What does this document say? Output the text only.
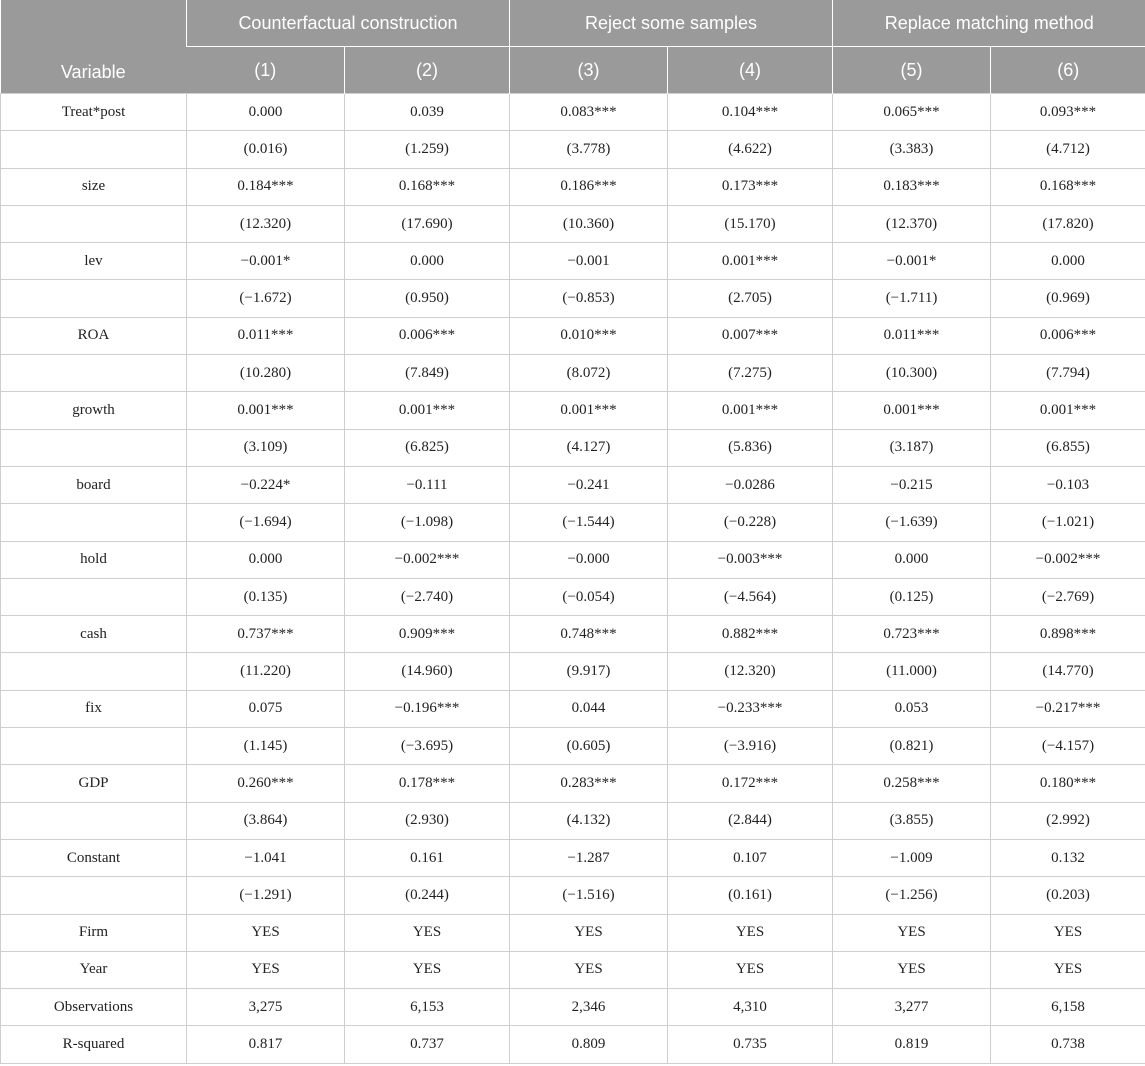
Variable	Counterfactual construction		Reject some samples		Replace matching method	
	(1)	(2)	(3)	(4)	(5)	(6)
Treat*post	0.000	0.039	0.083***	0.104***	0.065***	0.093***
	(0.016)	(1.259)	(3.778)	(4.622)	(3.383)	(4.712)
size	0.184***	0.168***	0.186***	0.173***	0.183***	0.168***
	(12.320)	(17.690)	(10.360)	(15.170)	(12.370)	(17.820)
lev	−0.001*	0.000	−0.001	0.001***	−0.001*	0.000
	(−1.672)	(0.950)	(−0.853)	(2.705)	(−1.711)	(0.969)
ROA	0.011***	0.006***	0.010***	0.007***	0.011***	0.006***
	(10.280)	(7.849)	(8.072)	(7.275)	(10.300)	(7.794)
growth	0.001***	0.001***	0.001***	0.001***	0.001***	0.001***
	(3.109)	(6.825)	(4.127)	(5.836)	(3.187)	(6.855)
board	−0.224*	−0.111	−0.241	−0.0286	−0.215	−0.103
	(−1.694)	(−1.098)	(−1.544)	(−0.228)	(−1.639)	(−1.021)
hold	0.000	−0.002***	−0.000	−0.003***	0.000	−0.002***
	(0.135)	(−2.740)	(−0.054)	(−4.564)	(0.125)	(−2.769)
cash	0.737***	0.909***	0.748***	0.882***	0.723***	0.898***
	(11.220)	(14.960)	(9.917)	(12.320)	(11.000)	(14.770)
fix	0.075	−0.196***	0.044	−0.233***	0.053	−0.217***
	(1.145)	(−3.695)	(0.605)	(−3.916)	(0.821)	(−4.157)
GDP	0.260***	0.178***	0.283***	0.172***	0.258***	0.180***
	(3.864)	(2.930)	(4.132)	(2.844)	(3.855)	(2.992)
Constant	−1.041	0.161	−1.287	0.107	−1.009	0.132
	(−1.291)	(0.244)	(−1.516)	(0.161)	(−1.256)	(0.203)
Firm	YES	YES	YES	YES	YES	YES
Year	YES	YES	YES	YES	YES	YES
Observations	3,275	6,153	2,346	4,310	3,277	6,158
R-squared	0.817	0.737	0.809	0.735	0.819	0.738
